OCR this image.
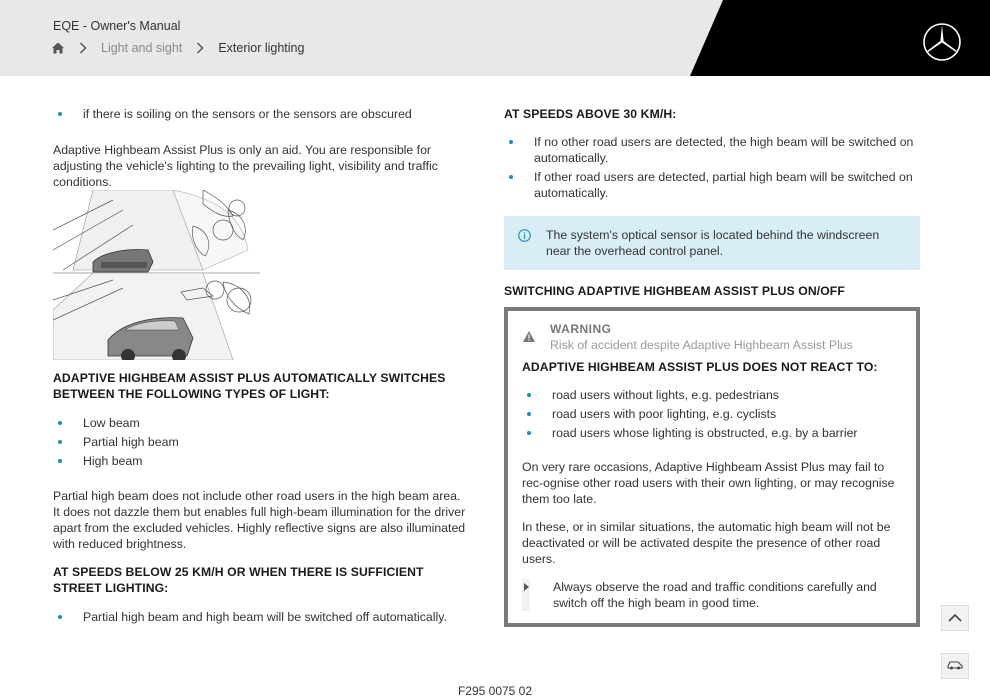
EQE - Owner's Manual
Light and sight	Exterior lighting
if there is soiling on the sensors or the sensors are obscured
Adaptive Highbeam Assist Plus is only an aid. You are responsible for adjusting the vehicle's lighting to the prevailing light, visibility and traffic conditions.
ADAPTIVE HIGHBEAM ASSIST PLUS AUTOMATICALLY SWITCHES BETWEEN THE FOLLOWING TYPES OF LIGHT:
Low beam
Partial high beam
High beam
Partial high beam does not include other road users in the high beam area. It does not dazzle them but enables full high-beam illumination for the driver apart from the excluded vehicles. Highly reflective signs are also illuminated with reduced brightness.
AT SPEEDS BELOW 25 KM/H OR WHEN THERE IS SUFFICIENT STREET LIGHTING:
Partial high beam and high beam will be switched off automatically.
AT SPEEDS ABOVE 30 KM/H:
If no other road users are detected, the high beam will be switched on automatically.
If other road users are detected, partial high beam will be switched on automatically.
The system's optical sensor is located behind the windscreen near the overhead control panel.
SWITCHING ADAPTIVE HIGHBEAM ASSIST PLUS ON/OFF
WARNING
Risk of accident despite Adaptive Highbeam Assist Plus
ADAPTIVE HIGHBEAM ASSIST PLUS DOES NOT REACT TO:
road users without lights, e.g. pedestrians
road users with poor lighting, e.g. cyclists
road users whose lighting is obstructed, e.g. by a barrier
On very rare occasions, Adaptive Highbeam Assist Plus may fail to rec-ognise other road users with their own lighting, or may recognise them too late.
In these, or in similar situations, the automatic high beam will not be deactivated or will be activated despite the presence of other road users.
Always observe the road and traffic conditions carefully and switch off the high beam in good time.
F295 0075 02
